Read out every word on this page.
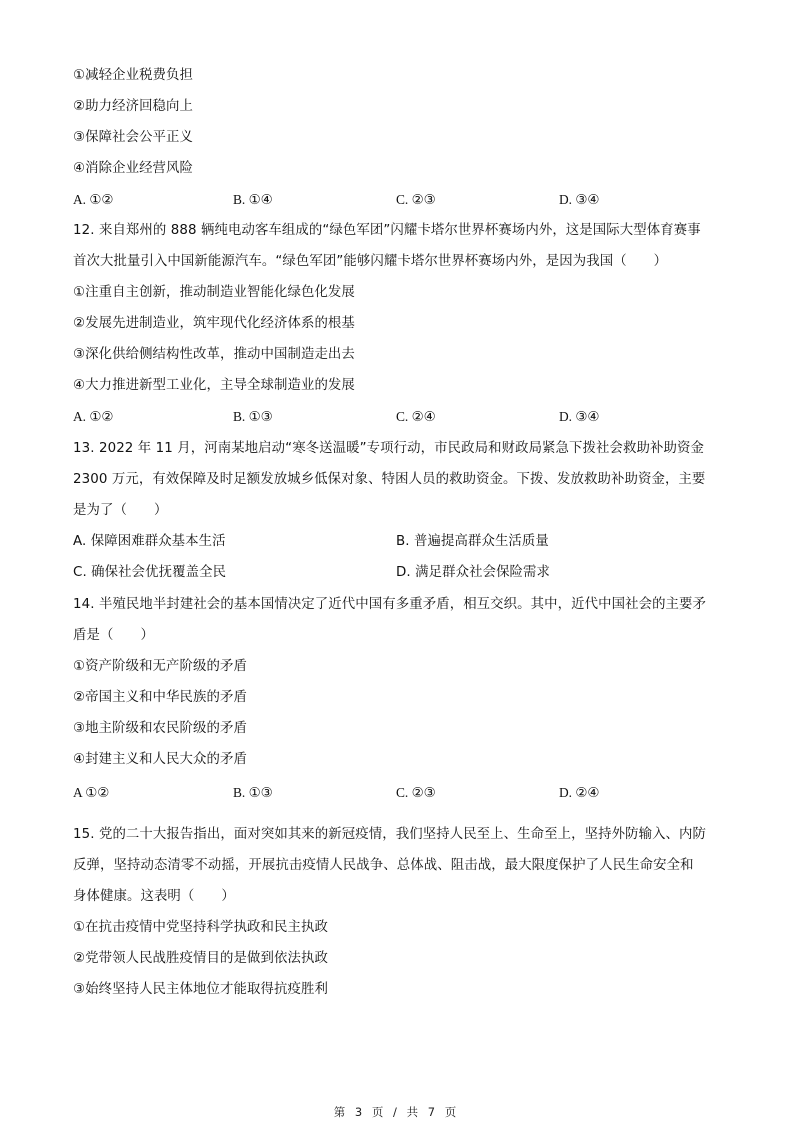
①减轻企业税费负担
②助力经济回稳向上
③保障社会公平正义
④消除企业经营风险
A. ①②	B. ①④	C. ②③	D. ③④
12. 来自郑州的 888 辆纯电动客车组成的“绿色军团”闪耀卡塔尔世界杯赛场内外，这是国际大型体育赛事
首次大批量引入中国新能源汽车。“绿色军团”能够闪耀卡塔尔世界杯赛场内外，是因为我国（　　）
①注重自主创新，推动制造业智能化绿色化发展
②发展先进制造业，筑牢现代化经济体系的根基
③深化供给侧结构性改革，推动中国制造走出去
④大力推进新型工业化，主导全球制造业的发展
A. ①②	B. ①③	C. ②④	D. ③④
13. 2022 年 11 月，河南某地启动“寒冬送温暖”专项行动，市民政局和财政局紧急下拨社会救助补助资金
2300 万元，有效保障及时足额发放城乡低保对象、特困人员的救助资金。下拨、发放救助补助资金，主要
是为了（　　）
A. 保障困难群众基本生活	B. 普遍提高群众生活质量
C. 确保社会优抚覆盖全民	D. 满足群众社会保险需求
14. 半殖民地半封建社会的基本国情决定了近代中国有多重矛盾，相互交织。其中，近代中国社会的主要矛
盾是（　　）
①资产阶级和无产阶级的矛盾
②帝国主义和中华民族的矛盾
③地主阶级和农民阶级的矛盾
④封建主义和人民大众的矛盾
A ①②	B. ①③	C. ②③	D. ②④
15. 党的二十大报告指出，面对突如其来的新冠疫情，我们坚持人民至上、生命至上，坚持外防输入、内防
反弹，坚持动态清零不动摇，开展抗击疫情人民战争、总体战、阻击战，最大限度保护了人民生命安全和
身体健康。这表明（　　）
①在抗击疫情中党坚持科学执政和民主执政
②党带领人民战胜疫情目的是做到依法执政
③始终坚持人民主体地位才能取得抗疫胜利
第 3 页 / 共 7 页
